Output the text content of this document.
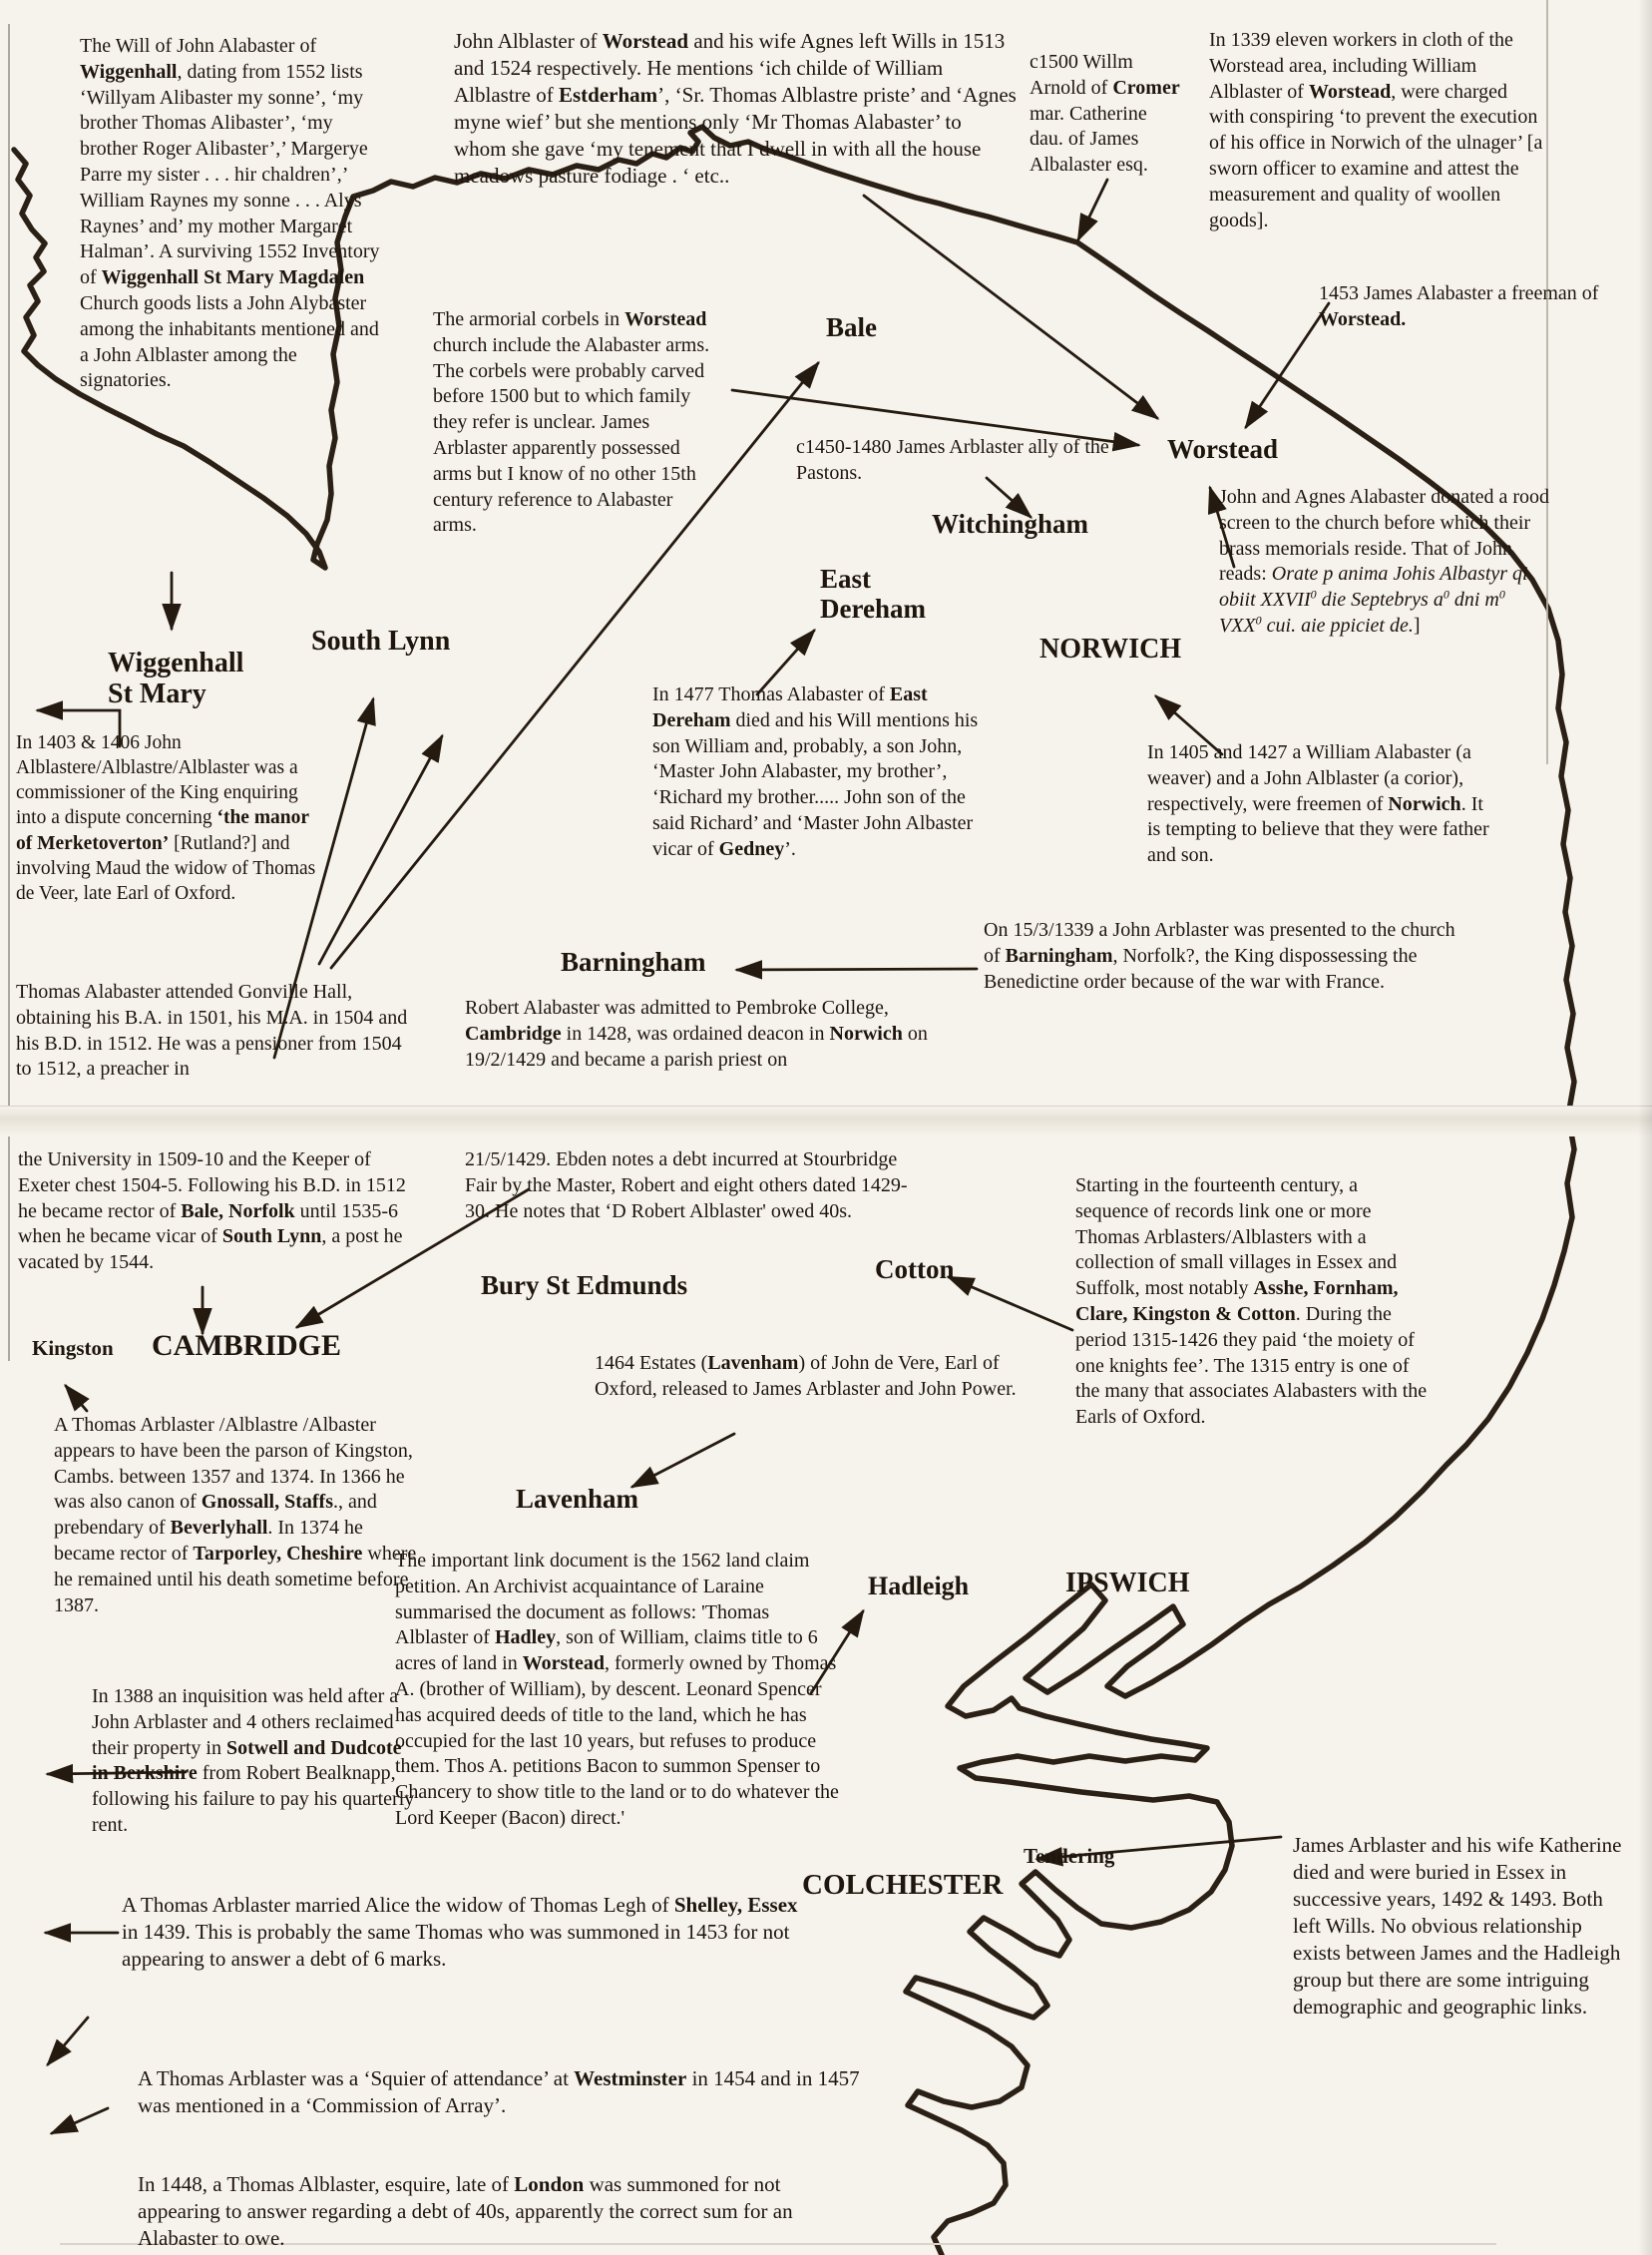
The Will of John Alabaster of Wiggenhall, dating from 1552 lists ‘Willyam Alibaster my sonne’, ‘my brother Thomas Alibaster’, ‘my brother Roger Alibaster’,’ Margerye Parre my sister . . . hir chaldren’,’ William Raynes my sonne . . . Alys Raynes’ and’ my mother Margaret Halman’. A surviving 1552 Inventory of Wiggenhall St Mary Magdalen Church goods lists a John Alybaster among the inhabitants mentioned and a John Alblaster among the signatories.
John Alblaster of Worstead and his wife Agnes left Wills in 1513 and 1524 respectively. He mentions ‘ich childe of William Alblastre of Estderham’, ‘Sr. Thomas Alblastre priste’ and ‘Agnes myne wief’ but she mentions only ‘Mr Thomas Alabaster’ to whom she gave ‘my tenement that I dwell in with all the house meadows pasture fodiage . ‘ etc..
c1500 Willm Arnold of Cromer mar. Catherine dau. of James Albalaster esq.
In 1339 eleven workers in cloth of the Worstead area, including William Alblaster of Worstead, were charged with conspiring ‘to prevent the execution of his office in Norwich of the ulnager’ [a sworn officer to examine and attest the measurement and quality of woollen goods].
1453 James Alabaster a freeman of Worstead.
The armorial corbels in Worstead church include the Alabaster arms. The corbels were probably carved before 1500 but to which family they refer is unclear. James Arblaster apparently possessed arms but I know of no other 15th century reference to Alabaster arms.
c1450-1480 James Arblaster ally of the Pastons.
John and Agnes Alabaster donated a rood screen to the church before which their brass memorials reside. That of John reads: Orate p anima Johis Albastyr qi obiit XXVII$^0$ die Septebrys $a^0$ dni $m^0$ VXX$^0$ cui. aie ppiciet de.]
In 1477 Thomas Alabaster of East Dereham died and his Will mentions his son William and, probably, a son John, ‘Master John Alabaster, my brother’, ‘Richard my brother..... John son of the said Richard’ and ‘Master John Albaster vicar of Gedney’.
In 1403 & 1406 John Alblastere/Alblastre/Alblaster was a commissioner of the King enquiring into a dispute concerning ‘the manor of Merketoverton’ [Rutland?] and involving Maud the widow of Thomas de Veer, late Earl of Oxford.
In 1405 and 1427 a William Alabaster (a weaver) and a John Alblaster (a corior), respectively, were freemen of Norwich. It is tempting to believe that they were father and son.
Thomas Alabaster attended Gonville Hall, obtaining his B.A. in 1501, his M.A. in 1504 and his B.D. in 1512. He was a pensioner from 1504 to 1512, a preacher in
On 15/3/1339 a John Arblaster was presented to the church of Barningham, Norfolk?, the King dispossessing the Benedictine order because of the war with France.
Robert Alabaster was admitted to Pembroke College, Cambridge in 1428, was ordained deacon in Norwich on 19/2/1429 and became a parish priest on
the University in 1509-10 and the Keeper of Exeter chest 1504-5. Following his B.D. in 1512 he became rector of Bale, Norfolk until 1535-6 when he became vicar of South Lynn, a post he vacated by 1544.
21/5/1429. Ebden notes a debt incurred at Stourbridge Fair by the Master, Robert and eight others dated 1429-30. He notes that ‘D Robert Alblaster' owed 40s.
Starting in the fourteenth century, a sequence of records link one or more Thomas Arblasters/Alblasters with a collection of small villages in Essex and Suffolk, most notably Asshe, Fornham, Clare, Kingston & Cotton. During the period 1315-1426 they paid ‘the moiety of one knights fee’. The 1315 entry is one of the many that associates Alabasters with the Earls of Oxford.
1464 Estates (Lavenham) of John de Vere, Earl of Oxford, released to James Arblaster and John Power.
A Thomas Arblaster /Alblastre /Albaster appears to have been the parson of Kingston, Cambs. between 1357 and 1374. In 1366 he was also canon of Gnossall, Staffs., and prebendary of Beverlyhall. In 1374 he became rector of Tarporley, Cheshire where he remained until his death sometime before 1387.
The important link document is the 1562 land claim petition. An Archivist acquaintance of Laraine summarised the document as follows: 'Thomas Alblaster of Hadley, son of William, claims title to 6 acres of land in Worstead, formerly owned by Thomas A. (brother of William), by descent. Leonard Spencer has acquired deeds of title to the land, which he has occupied for the last 10 years, but refuses to produce them. Thos A. petitions Bacon to summon Spenser to Chancery to show title to the land or to do whatever the Lord Keeper (Bacon) direct.'
In 1388 an inquisition was held after a John Arblaster and 4 others reclaimed their property in Sotwell and Dudcote in Berkshire from Robert Bealknapp, following his failure to pay his quarterly rent.
James Arblaster and his wife Katherine died and were buried in Essex in successive years, 1492 & 1493. Both left Wills. No obvious relationship exists between James and the Hadleigh group but there are some intriguing demographic and geographic links.
A Thomas Arblaster married Alice the widow of Thomas Legh of Shelley, Essex in 1439. This is probably the same Thomas who was summoned in 1453 for not appearing to answer a debt of 6 marks.
A Thomas Arblaster was a ‘Squier of attendance’ at Westminster in 1454 and in 1457 was mentioned in a ‘Commission of Array’.
In 1448, a Thomas Alblaster, esquire, late of London was summoned for not appearing to answer regarding a debt of 40s, apparently the correct sum for an Alabaster to owe.
Bale
Worstead
Witchingham
East
Dereham
NORWICH
Wiggenhall
St Mary
South Lynn
Barningham
Bury St Edmunds
Cotton
Kingston CAMBRIDGE
Lavenham
Hadleigh	IPSWICH
Tendering
COLCHESTER
